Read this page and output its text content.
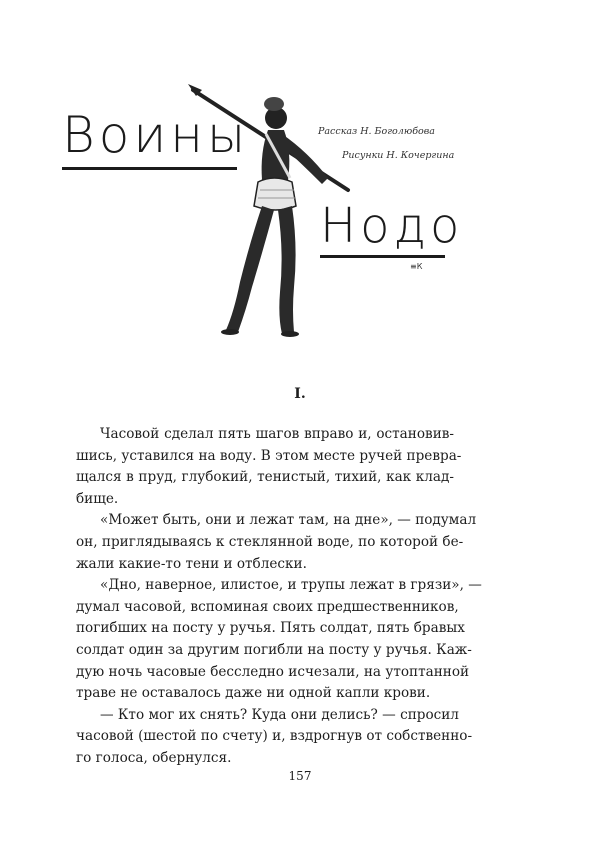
Воины	Рассказ Н. Боголюбова
Рисунки Н. Кочергина
Нодо
≡К
I.
Часовой сделал пять шагов вправо и, остановив-
шись, уставился на воду. В этом месте ручей превра-
щался в пруд, глубокий, тенистый, тихий, как клад-
бище.
«Может быть, они и лежат там, на дне», — подумал
он, приглядываясь к стеклянной воде, по которой бе-
жали какие-то тени и отблески.
«Дно, наверное, илистое, и трупы лежат в грязи», —
думал часовой, вспоминая своих предшественников,
погибших на посту у ручья. Пять солдат, пять бравых
солдат один за другим погибли на посту у ручья. Каж-
дую ночь часовые бесследно исчезали, на утоптанной
траве не оставалось даже ни одной капли крови.
— Кто мог их снять? Куда они делись? — спросил
часовой (шестой по счету) и, вздрогнув от собственно-
го голоса, обернулся.
157
